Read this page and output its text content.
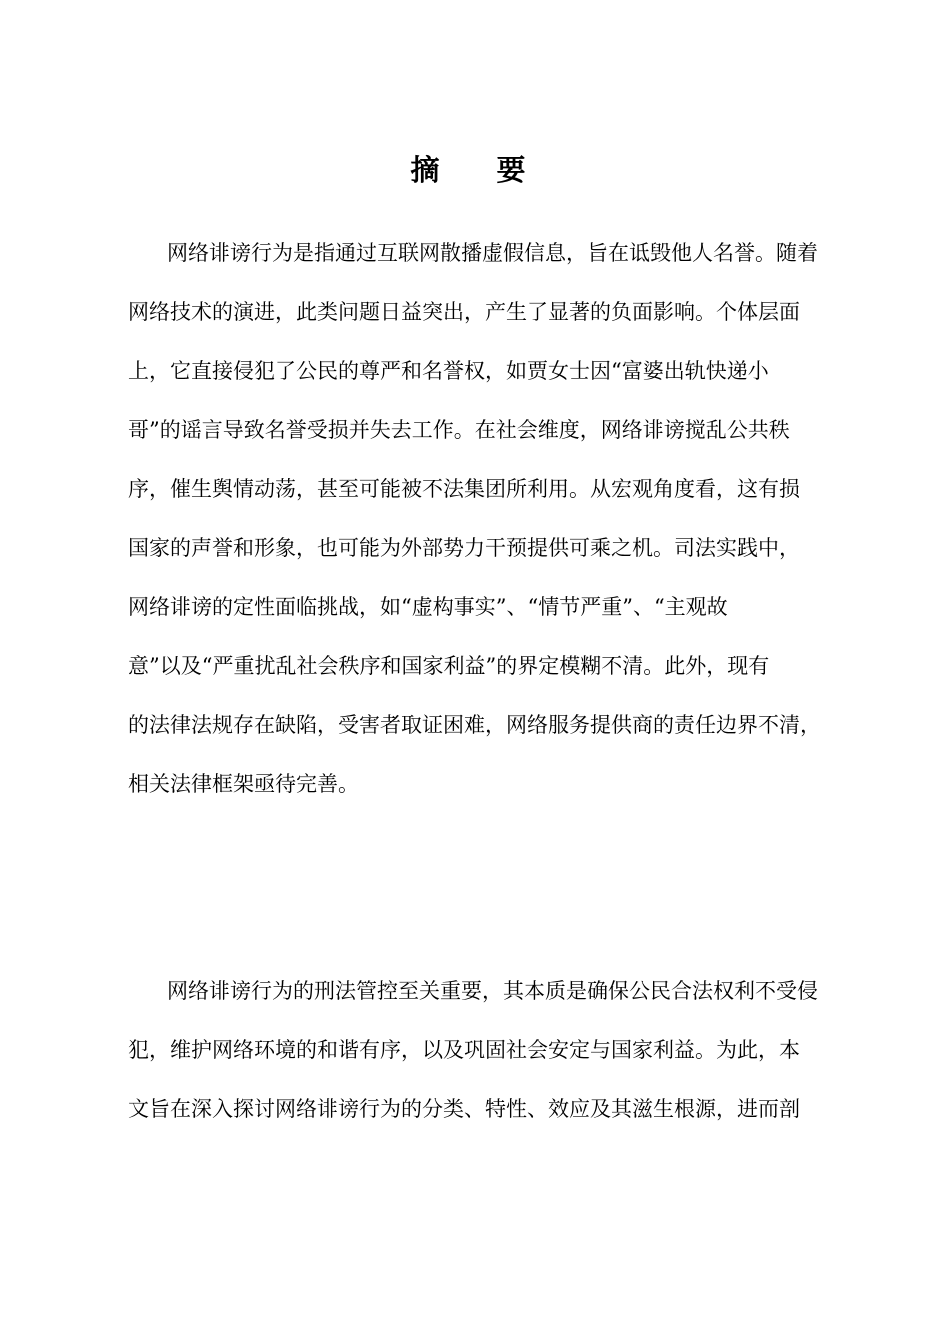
摘　要
网络诽谤行为是指通过互联网散播虚假信息，旨在诋毁他人名誉。随着
网络技术的演进，此类问题日益突出，产生了显著的负面影响。个体层面
上，它直接侵犯了公民的尊严和名誉权，如贾女士因“富婆出轨快递小
哥”的谣言导致名誉受损并失去工作。在社会维度，网络诽谤搅乱公共秩
序，催生舆情动荡，甚至可能被不法集团所利用。从宏观角度看，这有损
国家的声誉和形象，也可能为外部势力干预提供可乘之机。司法实践中，
网络诽谤的定性面临挑战，如“虚构事实”、“情节严重”、“主观故
意”以及“严重扰乱社会秩序和国家利益”的界定模糊不清。此外，现有
的法律法规存在缺陷，受害者取证困难，网络服务提供商的责任边界不清，
相关法律框架亟待完善。
网络诽谤行为的刑法管控至关重要，其本质是确保公民合法权利不受侵
犯，维护网络环境的和谐有序，以及巩固社会安定与国家利益。为此，本
文旨在深入探讨网络诽谤行为的分类、特性、效应及其滋生根源，进而剖
